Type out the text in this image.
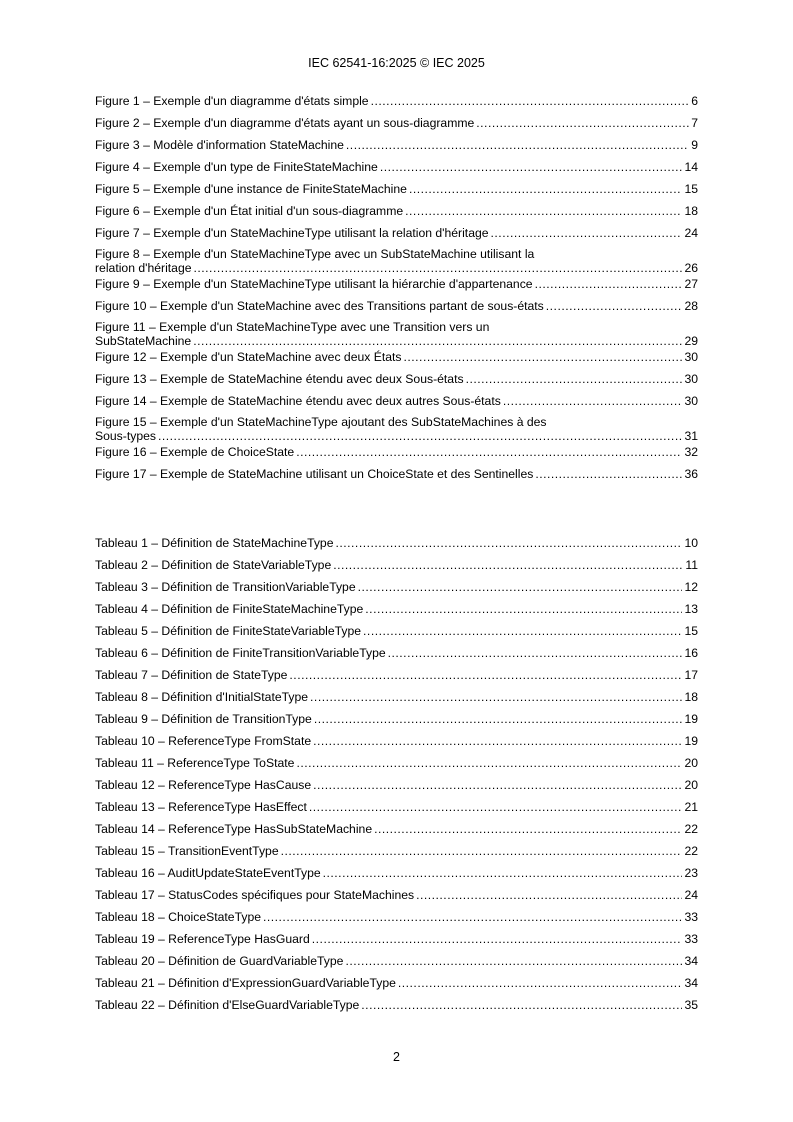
IEC 62541-16:2025 © IEC 2025
Figure 1 – Exemple d'un diagramme d'états simple .....	6
Figure 2 – Exemple d'un diagramme d'états ayant un sous-diagramme .....	7
Figure 3 – Modèle d'information StateMachine .....	9
Figure 4 – Exemple d'un type de FiniteStateMachine .....	14
Figure 5 – Exemple d'une instance de FiniteStateMachine .....	15
Figure 6 – Exemple d'un État initial d'un sous-diagramme .....	18
Figure 7 – Exemple d'un StateMachineType utilisant la relation d'héritage .....	24
Figure 8 – Exemple d'un StateMachineType avec un SubStateMachine utilisant la
relation d'héritage .....	26
Figure 9 – Exemple d'un StateMachineType utilisant la hiérarchie d'appartenance .....	27
Figure 10 – Exemple d'un StateMachine avec des Transitions partant de sous-états .....	28
Figure 11 – Exemple d'un StateMachineType avec une Transition vers un
SubStateMachine .....	29
Figure 12 – Exemple d'un StateMachine avec deux États .....	30
Figure 13 – Exemple de StateMachine étendu avec deux Sous-états .....	30
Figure 14 – Exemple de StateMachine étendu avec deux autres Sous-états .....	30
Figure 15 – Exemple d'un StateMachineType ajoutant des SubStateMachines à des
Sous-types .....	31
Figure 16 – Exemple de ChoiceState .....	32
Figure 17 – Exemple de StateMachine utilisant un ChoiceState et des Sentinelles .....	36
Tableau 1 – Définition de StateMachineType .....	10
Tableau 2 – Définition de StateVariableType .....	11
Tableau 3 – Définition de TransitionVariableType .....	12
Tableau 4 – Définition de FiniteStateMachineType .....	13
Tableau 5 – Définition de FiniteStateVariableType .....	15
Tableau 6 – Définition de FiniteTransitionVariableType .....	16
Tableau 7 – Définition de StateType .....	17
Tableau 8 – Définition d'InitialStateType .....	18
Tableau 9 – Définition de TransitionType .....	19
Tableau 10 – ReferenceType FromState .....	19
Tableau 11 – ReferenceType ToState .....	20
Tableau 12 – ReferenceType HasCause .....	20
Tableau 13 – ReferenceType HasEffect .....	21
Tableau 14 – ReferenceType HasSubStateMachine .....	22
Tableau 15 – TransitionEventType .....	22
Tableau 16 – AuditUpdateStateEventType .....	23
Tableau 17 – StatusCodes spécifiques pour StateMachines .....	24
Tableau 18 – ChoiceStateType .....	33
Tableau 19 – ReferenceType HasGuard .....	33
Tableau 20 – Définition de GuardVariableType .....	34
Tableau 21 – Définition d'ExpressionGuardVariableType .....	34
Tableau 22 – Définition d'ElseGuardVariableType .....	35
2
